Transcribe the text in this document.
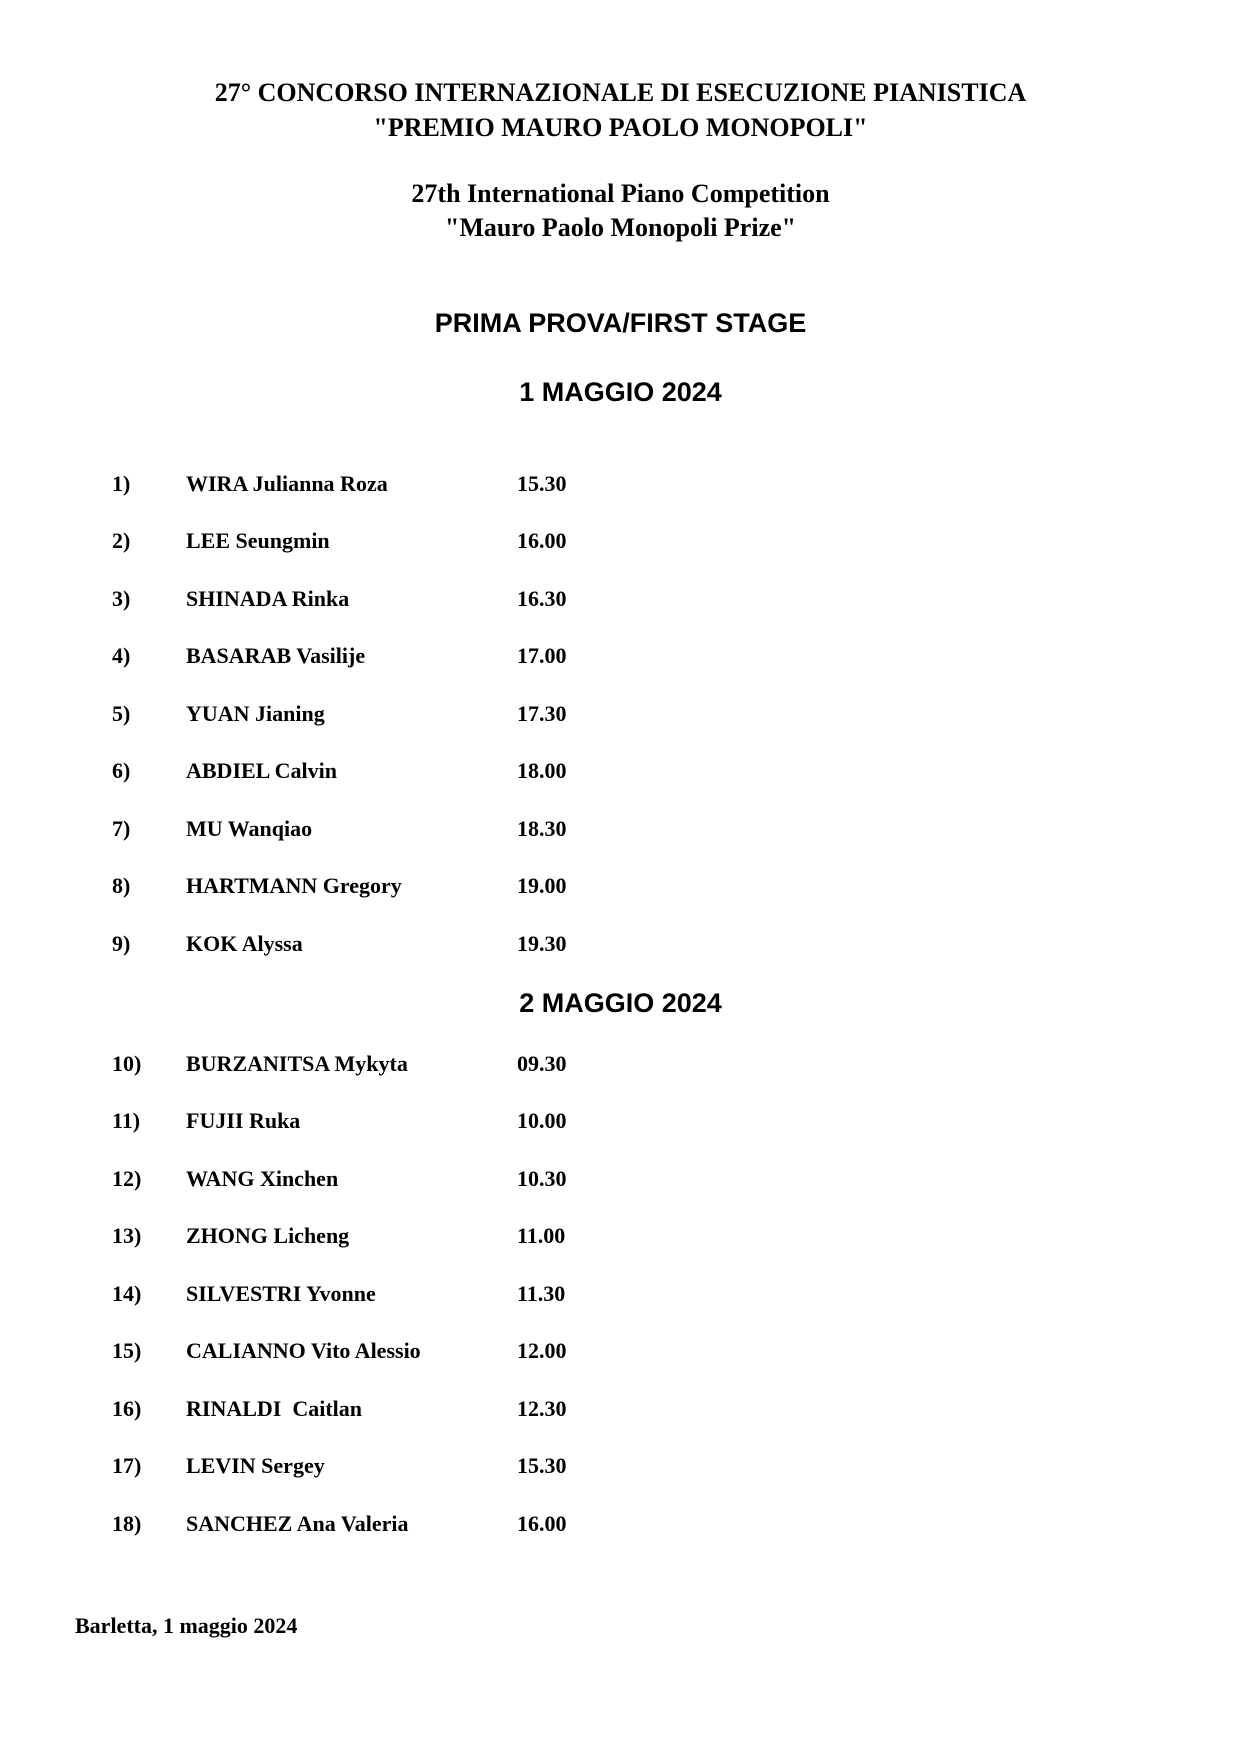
27° CONCORSO INTERNAZIONALE DI ESECUZIONE PIANISTICA
"PREMIO MAURO PAOLO MONOPOLI"
27th International Piano Competition
"Mauro Paolo Monopoli Prize"
PRIMA PROVA/FIRST STAGE
1 MAGGIO 2024
1)	WIRA Julianna Roza	15.30
2)	LEE Seungmin	16.00
3)	SHINADA Rinka	16.30
4)	BASARAB Vasilije	17.00
5)	YUAN Jianing	17.30
6)	ABDIEL Calvin	18.00
7)	MU Wanqiao	18.30
8)	HARTMANN Gregory	19.00
9)	KOK Alyssa	19.30
2 MAGGIO 2024
10) BURZANITSA Mykyta	09.30
11) FUJII Ruka	10.00
12) WANG Xinchen	10.30
13) ZHONG Licheng	11.00
14) SILVESTRI Yvonne	11.30
15) CALIANNO Vito Alessio	12.00
16) RINALDI  Caitlan	12.30
17) LEVIN Sergey	15.30
18) SANCHEZ Ana Valeria	16.00
Barletta, 1 maggio 2024
